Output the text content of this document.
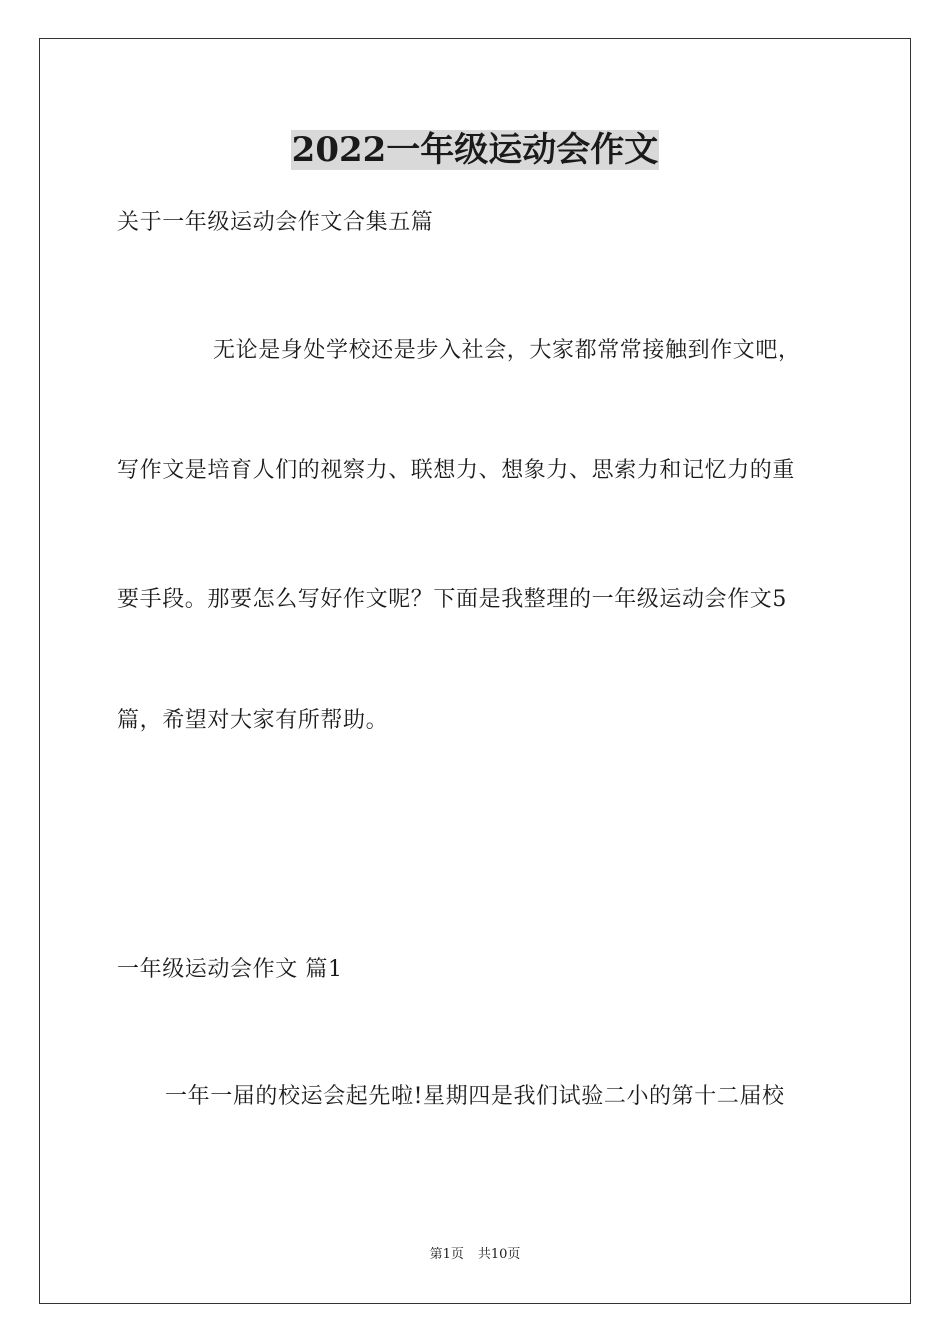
2022一年级运动会作文
关于一年级运动会作文合集五篇
无论是身处学校还是步入社会，大家都常常接触到作文吧，
写作文是培育人们的视察力、联想力、想象力、思索力和记忆力的重
要手段。那要怎么写好作文呢？下面是我整理的一年级运动会作文5
篇，希望对大家有所帮助。
一年级运动会作文 篇1
一年一届的校运会起先啦!星期四是我们试验二小的第十二届校
第1页 共10页
